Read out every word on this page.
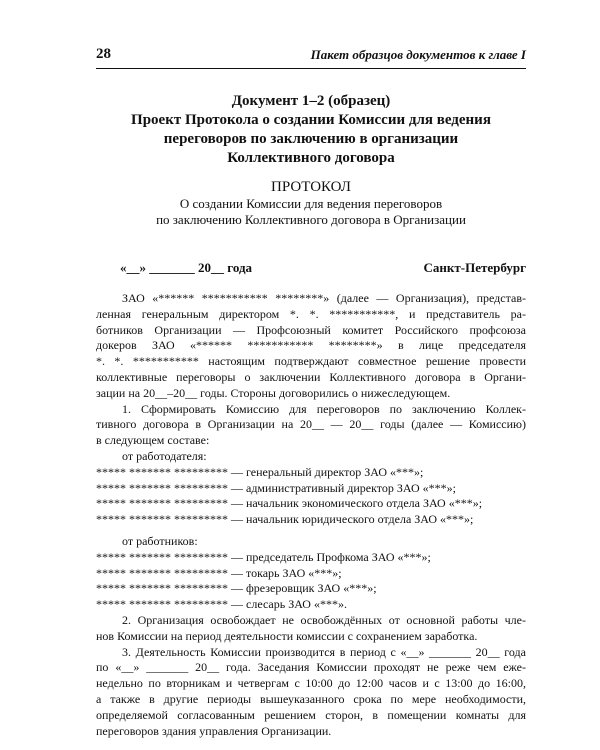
28	Пакет образцов документов к главе I
Документ 1–2 (образец)
Проект Протокола о создании Комиссии для ведения
переговоров по заключению в организации
Коллективного договора
ПРОТОКОЛ
О создании Комиссии для ведения переговоров
по заключению Коллективного договора в Организации
«__» _______ 20__ года	Санкт-Петербург
ЗАО «****** *********** ********» (далее — Организация), представ-
ленная генеральным директором *. *. ***********, и представитель ра-
ботников Организации — Профсоюзный комитет Российского профсоюза
докеров ЗАО «****** *********** ********» в лице председателя
*. *. *********** настоящим подтверждают совместное решение провести
коллективные переговоры о заключении Коллективного договора в Органи-
зации на 20__–20__ годы. Стороны договорились о нижеследующем.
1. Сформировать Комиссию для переговоров по заключению Коллек-
тивного договора в Организации на 20__ — 20__ годы (далее — Комиссию)
в следующем составе:
от работодателя:
***** ******* ********* — генеральный директор ЗАО «***»;
***** ******* ********* — административный директор ЗАО «***»;
***** ******* ********* — начальник экономического отдела ЗАО «***»;
***** ******* ********* — начальник юридического отдела ЗАО «***»;
от работников:
***** ******* ********* — председатель Профкома ЗАО «***»;
***** ******* ********* — токарь ЗАО «***»;
***** ******* ********* — фрезеровщик ЗАО «***»;
***** ******* ********* — слесарь ЗАО «***».
2. Организация освобождает не освобождённых от основной работы чле-
нов Комиссии на период деятельности комиссии с сохранением заработка.
3. Деятельность Комиссии производится в период с «__» _______ 20__ года
по «__» _______ 20__ года. Заседания Комиссии проходят не реже чем еже-
недельно по вторникам и четвергам с 10:00 до 12:00 часов и с 13:00 до 16:00,
а также в другие периоды вышеуказанного срока по мере необходимости,
определяемой согласованным решением сторон, в помещении комнаты для
переговоров здания управления Организации.
